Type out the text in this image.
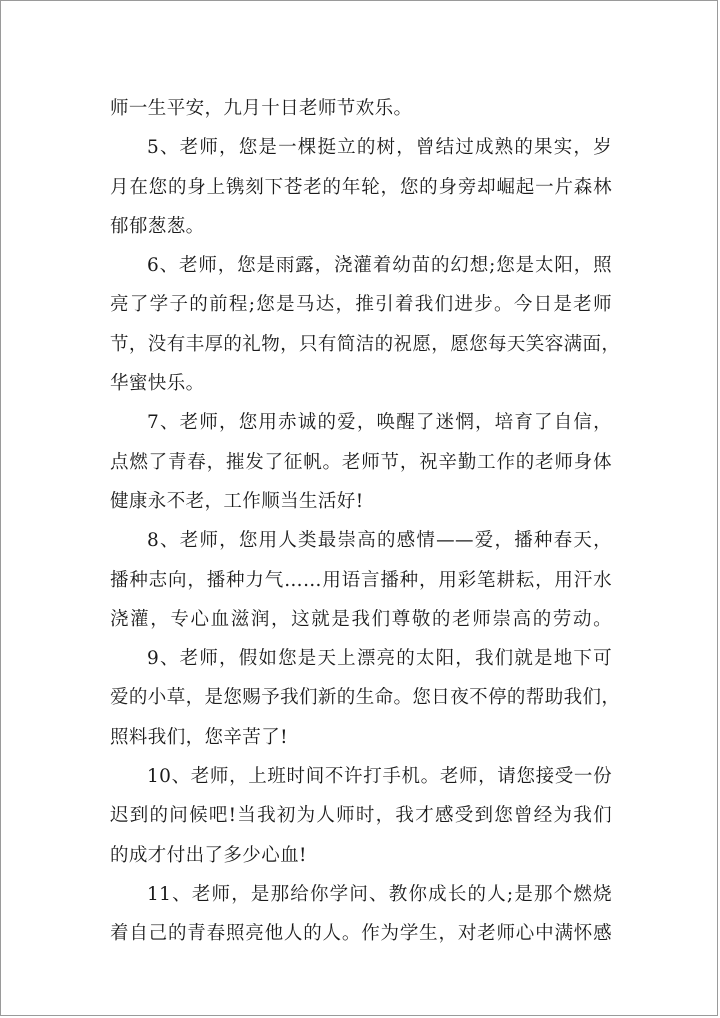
师一生平安，九月十日老师节欢乐。
5、老师，您是一棵挺立的树，曾结过成熟的果实，岁
月在您的身上镌刻下苍老的年轮，您的身旁却崛起一片森林
郁郁葱葱。
6、老师，您是雨露，浇灌着幼苗的幻想;您是太阳，照
亮了学子的前程;您是马达，推引着我们进步。今日是老师
节，没有丰厚的礼物，只有简洁的祝愿，愿您每天笑容满面，
华蜜快乐。
7、老师，您用赤诚的爱，唤醒了迷惘，培育了自信，
点燃了青春，摧发了征帆。老师节，祝辛勤工作的老师身体
健康永不老，工作顺当生活好!
8、老师，您用人类最崇高的感情——爱，播种春天，
播种志向，播种力气……用语言播种，用彩笔耕耘，用汗水
浇灌，专心血滋润，这就是我们尊敬的老师崇高的劳动。
9、老师，假如您是天上漂亮的太阳，我们就是地下可
爱的小草，是您赐予我们新的生命。您日夜不停的帮助我们，
照料我们，您辛苦了!
10、老师，上班时间不许打手机。老师，请您接受一份
迟到的问候吧!当我初为人师时，我才感受到您曾经为我们
的成才付出了多少心血!
11、老师，是那给你学问、教你成长的人;是那个燃烧
着自己的青春照亮他人的人。作为学生，对老师心中满怀感
